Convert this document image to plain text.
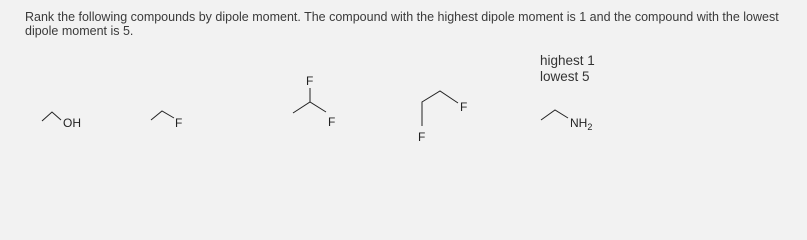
Rank the following compounds by dipole moment. The compound with the highest dipole moment is 1 and the compound with the lowest dipole moment is 5.
highest 1
lowest 5
OH	F
F
F
F
F
$NH_2$
